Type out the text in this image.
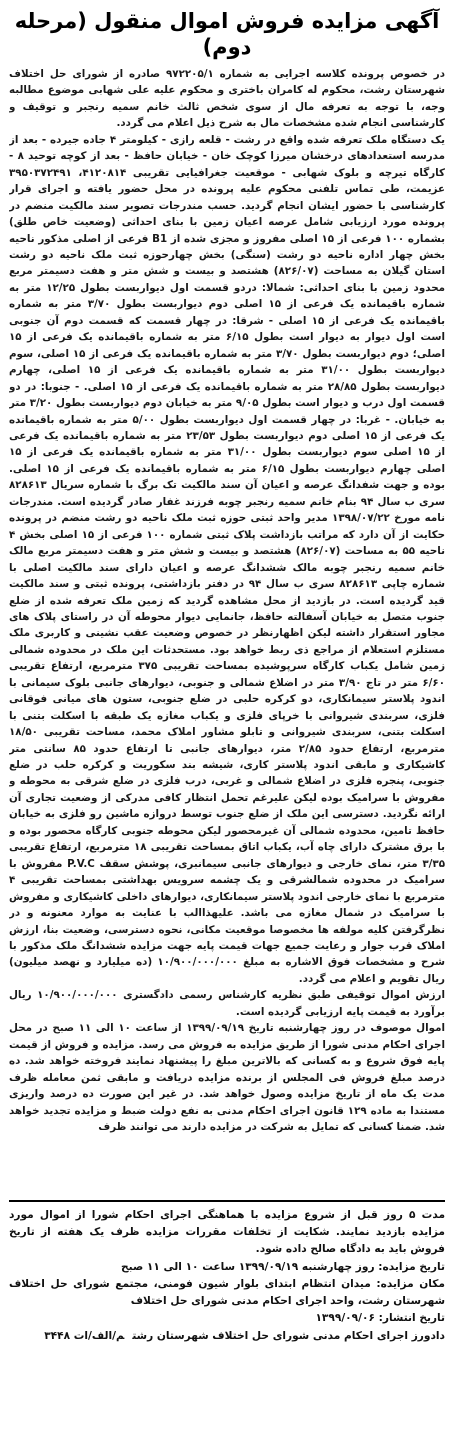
آگهی مزایده فروش اموال منقول (مرحله دوم)

در خصوص پرونده کلاسه اجرایی به شماره ۹۷۲۲۰۵/۱ صادره از شورای حل اختلاف شهرستان رشت، محکوم له کامران باختری و محکوم علیه علی شهابی موضوع مطالبه وجه، با توجه به تعرفه مال از سوی شخص ثالث خانم سمیه رنجبر و توقیف و کارشناسی انجام شده مشخصات مال به شرح ذیل اعلام می گردد.

یک دستگاه ملک تعرفه شده واقع در رشت - قلعه رازی - کیلومتر ۴ جاده جیرده - بعد از مدرسه استعدادهای درخشان میرزا کوچک خان - خیابان حافظ - بعد از کوچه توحید ۸ - کارگاه تیرچه و بلوک شهابی - موقعیت جغرافیایی تقریبی ۴۱۲۰۸۱۴، ۳۹۵۰۳۷۲۴۹۱ عزیمت، طی تماس تلفنی محکوم علیه پرونده در محل حضور یافته و اجرای قرار کارشناسی با حضور ایشان انجام گردید. حسب مندرجات تصویر سند مالکیت منضم در پرونده مورد ارزیابی شامل عرصه اعیان زمین با بنای احداثی (وضعیت خاص طلق) بشماره ۱۰۰ فرعی از ۱۵ اصلی مفروز و مجزی شده از B1 فرعی از اصلی مذکور ناحیه بخش چهار اداره ناحیه دو رشت (سنگی) بخش چهارحوزه ثبت ملک ناحیه دو رشت استان گیلان به مساحت (۸۲۶/۰۷) هشتصد و بیست و شش متر و هفت دسیمتر مربع محدود زمین با بنای احداثی: شمالا: دردو قسمت اول دیواربست بطول ۱۲/۲۵ متر به شماره باقیمانده یک فرعی از ۱۵ اصلی دوم دیواربست بطول ۳/۷۰ متر به شماره باقیمانده یک فرعی از ۱۵ اصلی - شرقا: در چهار قسمت که قسمت دوم آن جنوبی است اول دیوار به دیوار است بطول ۶/۱۵ متر به شماره باقیمانده یک فرعی از ۱۵ اصلی؛ دوم دیواربست بطول ۳/۷۰ متر به شماره باقیمانده یک فرعی از ۱۵ اصلی، سوم دیواربست بطول ۳۱/۰۰ متر به شماره باقیمانده یک فرعی از ۱۵ اصلی، چهارم دیواربست بطول ۲۸/۸۵ متر به شماره باقیمانده یک فرعی از ۱۵ اصلی. - جنوبا: در دو قسمت اول درب و دیوار است بطول ۹/۰۵ متر به خیابان دوم دیواربست بطول ۳/۲۰ متر به خیابان. - غربا: در چهار قسمت اول دیواربست بطول ۵/۰۰ متر به شماره باقیمانده یک فرعی از ۱۵ اصلی دوم دیواربست بطول ۲۳/۵۳ متر به شماره باقیمانده یک فرعی از ۱۵ اصلی سوم دیواربست بطول ۳۱/۰۰ متر به شماره باقیمانده یک فرعی از ۱۵ اصلی چهارم دیواربست بطول ۶/۱۵ متر به شماره باقیمانده یک فرعی از ۱۵ اصلی. بوده و جهت شفدانگ عرصه و اعیان آن سند مالکیت تک برگ با شماره سریال ۸۲۸۶۱۳ سری ب سال ۹۴ بنام خانم سمیه رنجبر چوبه فرزند غفار صادر گردیده است. مندرجات نامه مورخ ۱۳۹۸/۰۷/۲۲ مدیر واحد ثبتی حوزه ثبت ملک ناحیه دو رشت منضم در پرونده حکایت از آن دارد که مراتب بازداشت پلاک ثبتی شماره ۱۰۰ فرعی از ۱۵ اصلی بخش ۴ ناحیه ۵۵ به مساحت (۸۲۶/۰۷) هشتصد و بیست و شش متر و هفت دسیمتر مربع مالک خانم سمیه رنجبر چوبه مالک ششدانگ عرصه و اعیان دارای سند مالکیت اصلی با شماره چاپی ۸۲۸۶۱۳ سری ب سال ۹۴ در دفتر بازداشتی، پرونده ثبتی و سند مالکیت قید گردیده است. در بازدید از محل مشاهده گردید که زمین ملک تعرفه شده از ضلع جنوب متصل به خیابان آسفالته حافظ، جانمایی دیوار محوطه آن در راستای پلاک های مجاور استقرار داشته لیکن اظهارنظر در خصوص وضعیت عقب نشینی و کاربری ملک مستلزم استعلام از مراجع ذی ربط خواهد بود. مستحدثات این ملک در محدوده شمالی زمین شامل یکباب کارگاه سرپوشیده بمساحت تقریبی ۳۷۵ مترمربع، ارتفاع تقریبی ۶/۶۰ متر در تاج ۳/۹۰ متر در اضلاع شمالی و جنوبی، دیوارهای جانبی بلوک سیمانی با اندود پلاستر سیمانکاری، دو کرکره حلبی در ضلع جنوبی، ستون های میانی فوقانی فلزی، سربندی شیروانی با خرپای فلزی و یکباب مغازه یک طبقه با اسکلت بتنی با اسکلت بتنی، سربندی شیروانی و تابلو مشاور املاک محمد، مساحت تقریبی ۱۸/۵۰ مترمربع، ارتفاع حدود ۲/۸۵ متر، دیوارهای جانبی تا ارتفاع حدود ۸۵ سانتی متر کاشیکاری و مابقی اندود پلاستر کاری، شیشه بند سکوریت و کرکره حلب در ضلع جنوبی، پنجره فلزی در اضلاع شمالی و غربی، درب فلزی در ضلع شرقی به محوطه و مفروش با سرامیک بوده لیکن علیرغم تحمل انتظار کافی مدرکی از وضعیت تجاری آن ارائه نگردید. دسترسی این ملک از ضلع جنوب توسط دروازه ماشین رو فلزی به خیابان حافظ تامین، محدوده شمالی آن غیرمحصور لیکن محوطه جنوبی کارگاه محصور بوده و با برق مشترک دارای چاه آب، یکباب اتاق بمساحت تقریبی ۱۸ مترمربع، ارتفاع تقریبی ۳/۳۵ متر، نمای خارجی و دیوارهای جانبی سیمانبری، پوشش سقف P.V.C مفروش با سرامیک در محدوده شمالشرقی و یک چشمه سرویس بهداشتی بمساحت تقریبی ۴ مترمربع با نمای خارجی اندود پلاستر سیمانکاری، دیوارهای داخلی کاشیکاری و مفروش با سرامیک در شمال مغازه می باشد. علیهذاالب با عنایت به موارد معنونه و در نظرگرفتن کلیه مولفه ها مخصوصا موقعیت مکانی، نحوه دسترسی، وضعیت بنا، ارزش املاک قرب جوار و رعایت جمیع جهات قیمت پایه جهت مزایده ششدانگ ملک مذکور با شرح و مشخصات فوق الاشاره به مبلغ ۱۰/۹۰۰/۰۰۰/۰۰۰ (ده میلیارد و نهصد میلیون) ریال تقویم و اعلام می گردد.

ارزش اموال توقیفی طبق نظریه کارشناس رسمی دادگستری ۱۰/۹۰۰/۰۰۰/۰۰۰ ریال برآورد به قیمت پایه ارزیابی گردیده است.

اموال موصوف در روز چهارشنبه تاریخ ۱۳۹۹/۰۹/۱۹ از ساعت ۱۰ الی ۱۱ صبح در محل اجرای احکام مدنی شورا از طریق مزایده به فروش می رسد. مزایده و فروش از قیمت پایه فوق شروع و به کسانی که بالاترین مبلغ را پیشنهاد نمایند فروخته خواهد شد. ده درصد مبلغ فروش فی المجلس از برنده مزایده دریافت و مابقی ثمن معامله ظرف مدت یک ماه از تاریخ مزایده وصول خواهد شد. در غیر این صورت ده درصد واریزی مستندا به ماده ۱۲۹ قانون اجرای احکام مدنی به نفع دولت ضبط و مزایده تجدید خواهد شد. ضمنا کسانی که تمایل به شرکت در مزایده دارند می توانند ظرف

مدت ۵ روز قبل از شروع مزایده با هماهنگی اجرای احکام شورا از اموال مورد مزایده بازدید نمایند. شکایت از تخلفات مقررات مزایده ظرف یک هفته از تاریخ فروش باید به دادگاه صالح داده شود.

تاریخ مزایده: روز چهارشنبه ۱۳۹۹/۰۹/۱۹ ساعت ۱۰ الی ۱۱ صبح

مکان مزایده: میدان انتظام ابتدای بلوار شیون فومنی، مجتمع شورای حل اختلاف شهرستان رشت، واحد اجرای احکام مدنی شورای حل اختلاف

تاریخ انتشار: ۱۳۹۹/۰۹/۰۶

دادورز اجرای احکام مدنی شورای حل اختلاف شهرستان رشتم/الف/ات ۳۴۴۸
